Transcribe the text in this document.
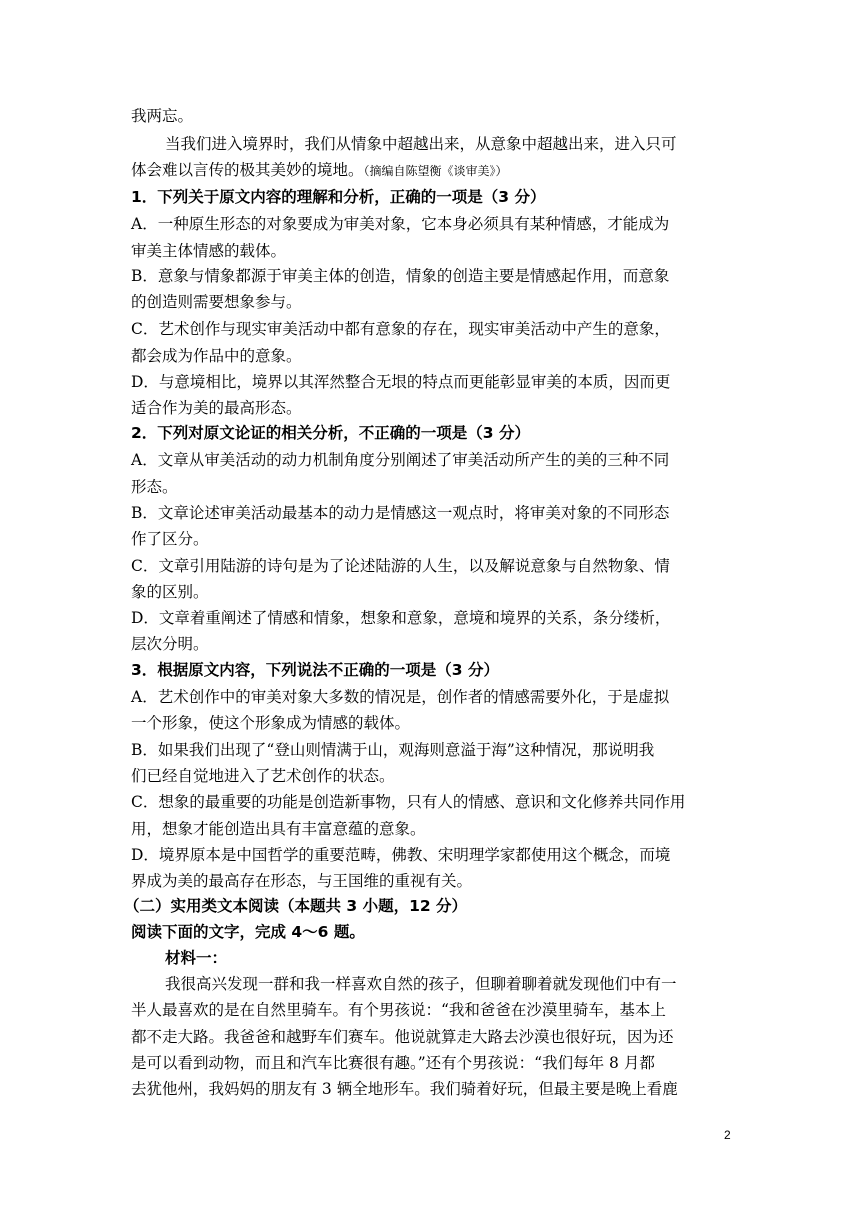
我两忘。
当我们进入境界时，我们从情象中超越出来，从意象中超越出来，进入只可
体会难以言传的极其美妙的境地。（摘编自陈望衡《谈审美》）
1．下列关于原文内容的理解和分析，正确的一项是（3 分）
A．一种原生形态的对象要成为审美对象，它本身必须具有某种情感，才能成为
审美主体情感的载体。
B．意象与情象都源于审美主体的创造，情象的创造主要是情感起作用，而意象
的创造则需要想象参与。
C．艺术创作与现实审美活动中都有意象的存在，现实审美活动中产生的意象，
都会成为作品中的意象。
D．与意境相比，境界以其浑然整合无垠的特点而更能彰显审美的本质，因而更
适合作为美的最高形态。
2．下列对原文论证的相关分析，不正确的一项是（3 分）
A．文章从审美活动的动力机制角度分别阐述了审美活动所产生的美的三种不同
形态。
B．文章论述审美活动最基本的动力是情感这一观点时，将审美对象的不同形态
作了区分。
C．文章引用陆游的诗句是为了论述陆游的人生，以及解说意象与自然物象、情
象的区别。
D．文章着重阐述了情感和情象，想象和意象，意境和境界的关系，条分缕析，
层次分明。
3．根据原文内容，下列说法不正确的一项是（3 分）
A．艺术创作中的审美对象大多数的情况是，创作者的情感需要外化，于是虚拟
一个形象，使这个形象成为情感的载体。
B．如果我们出现了“登山则情满于山，观海则意溢于海”这种情况，那说明我
们已经自觉地进入了艺术创作的状态。
C．想象的最重要的功能是创造新事物，只有人的情感、意识和文化修养共同作用
用，想象才能创造出具有丰富意蕴的意象。
D．境界原本是中国哲学的重要范畴，佛教、宋明理学家都使用这个概念，而境
界成为美的最高存在形态，与王国维的重视有关。
（二）实用类文本阅读（本题共 3 小题，12 分）
阅读下面的文字，完成 4～6 题。
材料一：
我很高兴发现一群和我一样喜欢自然的孩子，但聊着聊着就发现他们中有一
半人最喜欢的是在自然里骑车。有个男孩说：“我和爸爸在沙漠里骑车，基本上
都不走大路。我爸爸和越野车们赛车。他说就算走大路去沙漠也很好玩，因为还
是可以看到动物，而且和汽车比赛很有趣。”还有个男孩说：“我们每年 8 月都
去犹他州，我妈妈的朋友有 3 辆全地形车。我们骑着好玩，但最主要是晚上看鹿
2
